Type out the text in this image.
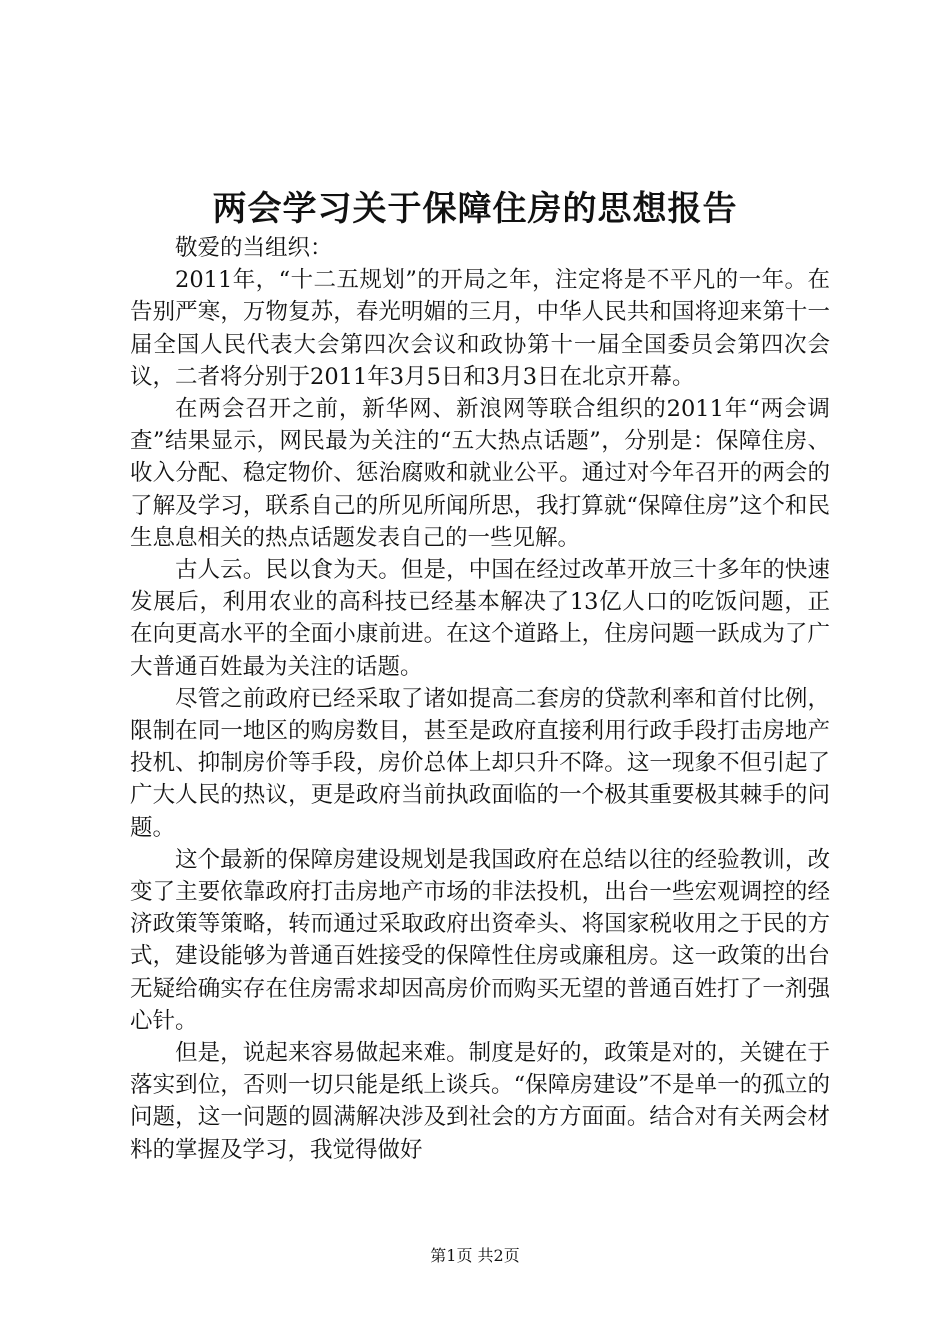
两会学习关于保障住房的思想报告

敬爱的当组织：

2011年，“十二五规划”的开局之年，注定将是不平凡的一年。在告别严寒，万物复苏，春光明媚的三月，中华人民共和国将迎来第十一届全国人民代表大会第四次会议和政协第十一届全国委员会第四次会议，二者将分别于2011年3月5日和3月3日在北京开幕。

在两会召开之前，新华网、新浪网等联合组织的2011年“两会调查”结果显示，网民最为关注的“五大热点话题”，分别是：保障住房、收入分配、稳定物价、惩治腐败和就业公平。通过对今年召开的两会的了解及学习，联系自己的所见所闻所思，我打算就“保障住房”这个和民生息息相关的热点话题发表自己的一些见解。

古人云。民以食为天。但是，中国在经过改革开放三十多年的快速发展后，利用农业的高科技已经基本解决了13亿人口的吃饭问题，正在向更高水平的全面小康前进。在这个道路上，住房问题一跃成为了广大普通百姓最为关注的话题。

尽管之前政府已经采取了诸如提高二套房的贷款利率和首付比例，限制在同一地区的购房数目，甚至是政府直接利用行政手段打击房地产投机、抑制房价等手段，房价总体上却只升不降。这一现象不但引起了广大人民的热议，更是政府当前执政面临的一个极其重要极其棘手的问题。

这个最新的保障房建设规划是我国政府在总结以往的经验教训，改变了主要依靠政府打击房地产市场的非法投机，出台一些宏观调控的经济政策等策略，转而通过采取政府出资牵头、将国家税收用之于民的方式，建设能够为普通百姓接受的保障性住房或廉租房。这一政策的出台无疑给确实存在住房需求却因高房价而购买无望的普通百姓打了一剂强心针。

但是，说起来容易做起来难。制度是好的，政策是对的，关键在于落实到位，否则一切只能是纸上谈兵。“保障房建设”不是单一的孤立的问题，这一问题的圆满解决涉及到社会的方方面面。结合对有关两会材料的掌握及学习，我觉得做好

第1页 共2页
